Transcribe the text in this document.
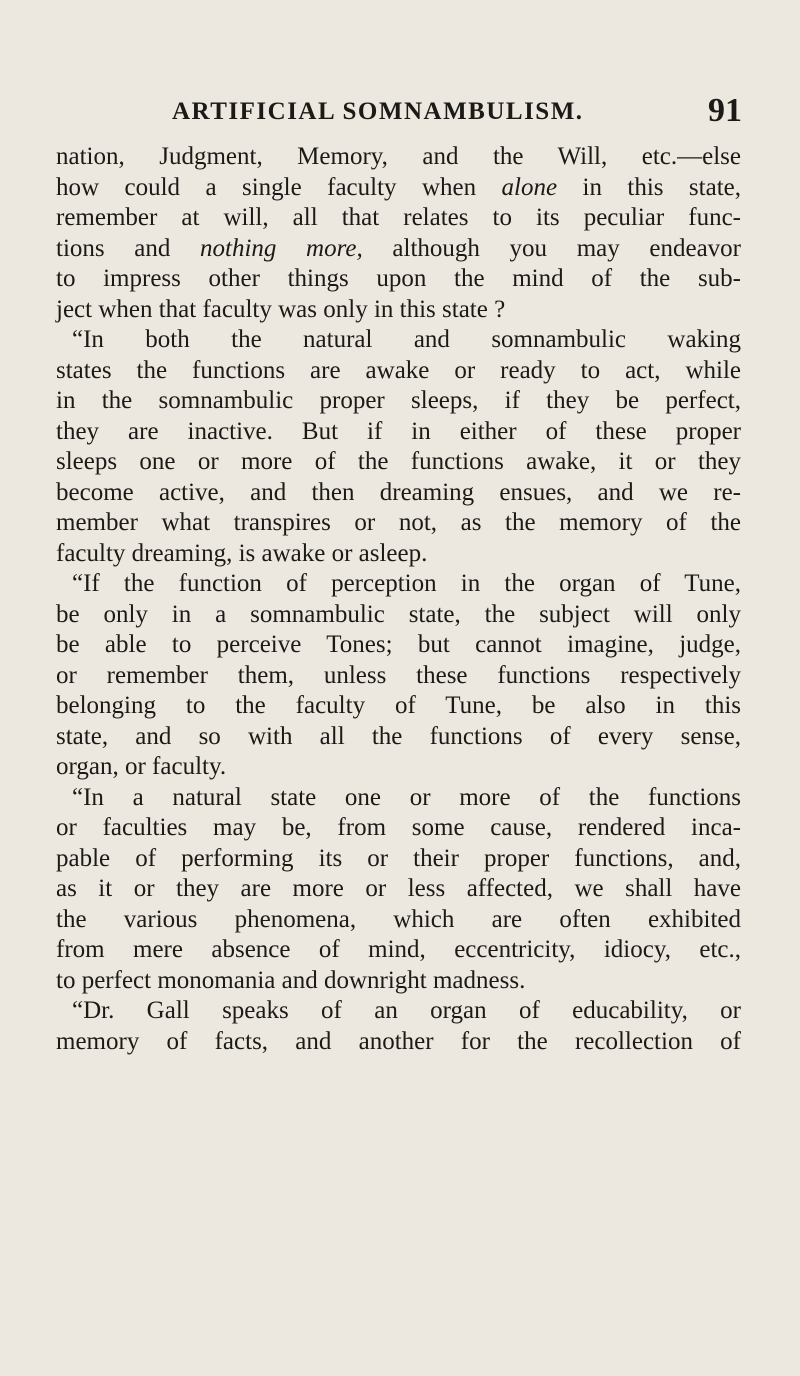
ARTIFICIAL SOMNAMBULISM.	91
nation, Judgment, Memory, and the Will, etc.—else
how could a single faculty when alone in this state,
remember at will, all that relates to its peculiar func-
tions and nothing more, although you may endeavor
to impress other things upon the mind of the sub-
ject when that faculty was only in this state ?
“In both the natural and somnambulic waking
states the functions are awake or ready to act, while
in the somnambulic proper sleeps, if they be perfect,
they are inactive. But if in either of these proper
sleeps one or more of the functions awake, it or they
become active, and then dreaming ensues, and we re-
member what transpires or not, as the memory of the
faculty dreaming, is awake or asleep.
“If the function of perception in the organ of Tune,
be only in a somnambulic state, the subject will only
be able to perceive Tones; but cannot imagine, judge,
or remember them, unless these functions respectively
belonging to the faculty of Tune, be also in this
state, and so with all the functions of every sense,
organ, or faculty.
“In a natural state one or more of the functions
or faculties may be, from some cause, rendered inca-
pable of performing its or their proper functions, and,
as it or they are more or less affected, we shall have
the various phenomena, which are often exhibited
from mere absence of mind, eccentricity, idiocy, etc.,
to perfect monomania and downright madness.
“Dr. Gall speaks of an organ of educability, or
memory of facts, and another for the recollection of
